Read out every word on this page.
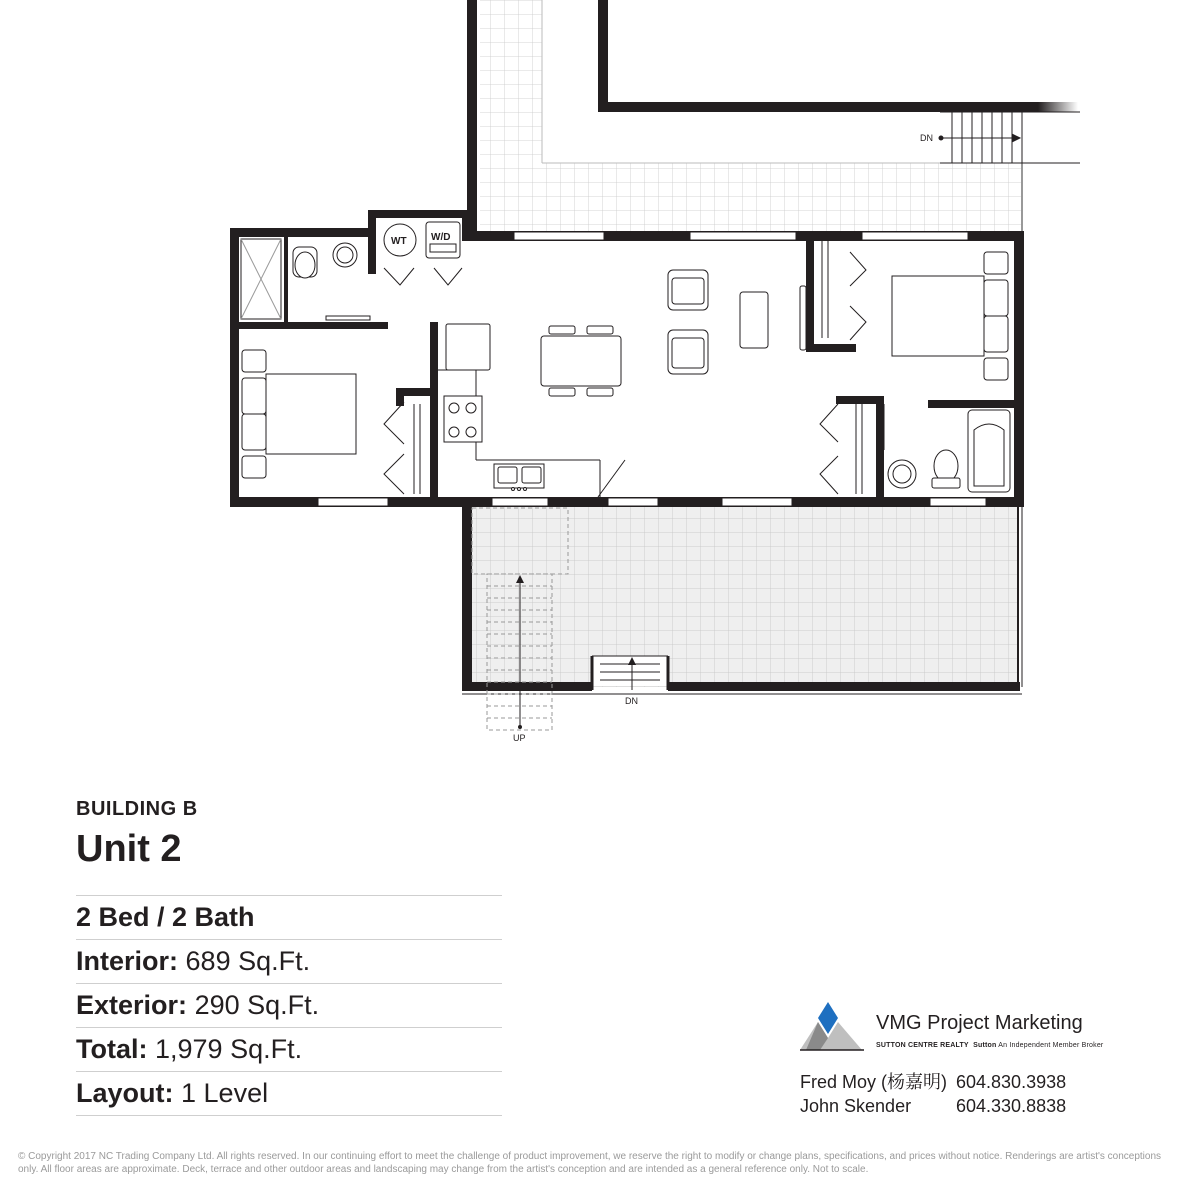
DN
DN
UP
WT W/D
BUILDING B
Unit 2
2 Bed / 2 Bath
Interior: 689 Sq.Ft.
Exterior: 290 Sq.Ft.
Total: 1,979 Sq.Ft.
Layout: 1 Level
VMG Project Marketing
SUTTON CENTRE REALTY Sutton An Independent Member Broker
Fred Moy (杨嘉明) 604.830.3938
John Skender 604.330.8838
© Copyright 2017 NC Trading Company Ltd. All rights reserved. In our continuing effort to meet the challenge of product improvement, we reserve the right to modify or change plans, specifications, and prices without notice. Renderings are artist's conceptions only. All floor areas are approximate. Deck, terrace and other outdoor areas and landscaping may change from the artist's conception and are intended as a general reference only. Not to scale.
